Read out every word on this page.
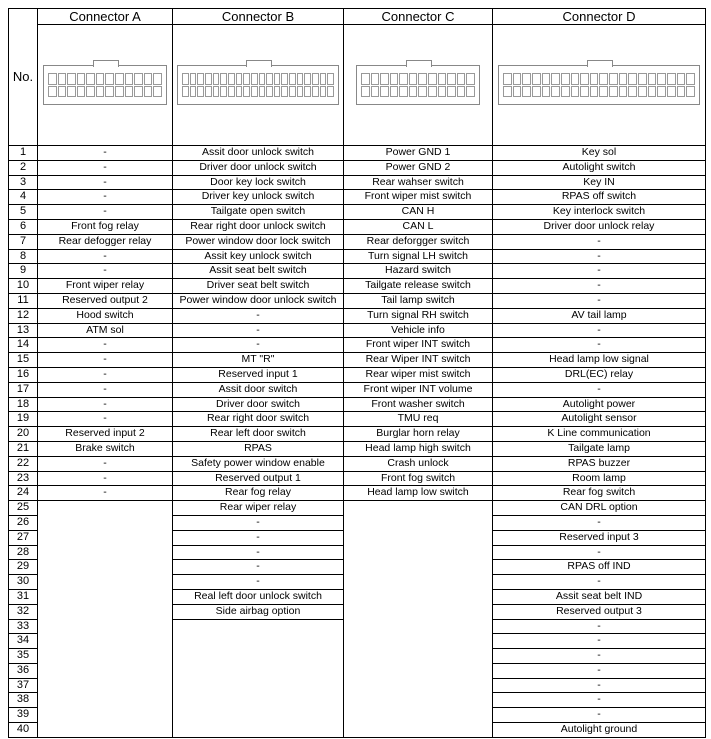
No.	Connector A	Connector B	Connector C	Connector D

1	-	Assit door unlock switch	Power GND 1	Key sol
2	-	Driver door unlock switch	Power GND 2	Autolight switch
3	-	Door key lock switch	Rear wahser switch	Key IN
4	-	Driver key unlock switch	Front wiper mist switch	RPAS off switch
5	-	Tailgate open switch	CAN H	Key interlock switch
6	Front fog relay	Rear right door unlock switch	CAN L	Driver door unlock relay
7	Rear defogger relay	Power window door lock switch	Rear deforgger switch	-
8	-	Assit key unlock switch	Turn signal LH switch	-
9	-	Assit seat belt switch	Hazard switch	-
10	Front wiper relay	Driver seat belt switch	Tailgate release switch	-
11	Reserved output 2	Power window door unlock switch	Tail lamp switch	-
12	Hood switch	-	Turn signal RH switch	AV tail lamp
13	ATM sol	-	Vehicle info	-
14	-	-	Front wiper INT switch	-
15	-	MT "R"	Rear Wiper INT switch	Head lamp low signal
16	-	Reserved input 1	Rear wiper mist switch	DRL(EC) relay
17	-	Assit door switch	Front wiper INT volume	-
18	-	Driver door switch	Front washer switch	Autolight power
19	-	Rear right door switch	TMU req	Autolight sensor
20	Reserved input 2	Rear left door switch	Burglar horn relay	K Line communication
21	Brake switch	RPAS	Head lamp high switch	Tailgate lamp
22	-	Safety power window enable	Crash unlock	RPAS buzzer
23	-	Reserved output 1	Front fog switch	Room lamp
24	-	Rear fog relay	Head lamp low switch	Rear fog switch
25		Rear wiper relay		CAN DRL option
26		-		-
27		-		Reserved input 3
28		-		-
29		-		RPAS off IND
30		-		-
31		Real left door unlock switch		Assit seat belt IND
32		Side airbag option		Reserved output 3
33				-
34				-
35				-
36				-
37				-
38				-
39				-
40				Autolight ground
